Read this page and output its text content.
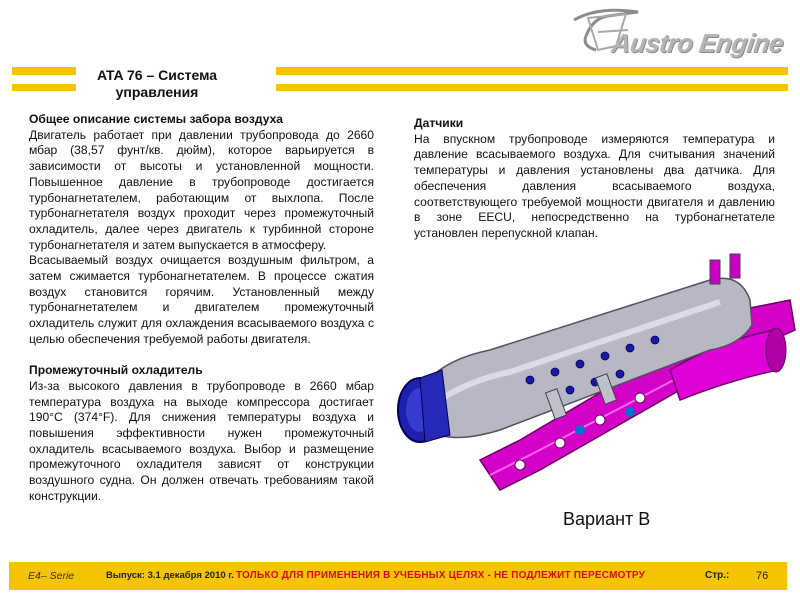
Austro Engine
ATA 76 – Система управления

Общее описание системы забора воздуха

Двигатель работает при давлении трубопровода до 2660 мбар (38,57 фунт/кв. дюйм), которое варьируется в зависимости от высоты и установленной мощности. Повышенное давление в трубопроводе достигается турбонагнетателем, работающим от выхлопа. После турбонагнетателя воздух проходит через промежуточный охладитель, далее через двигатель к турбинной стороне турбонагнетателя и затем выпускается в атмосферу.

Всасываемый воздух очищается воздушным фильтром, а затем сжимается турбонагнетателем. В процессе сжатия воздух становится горячим. Установленный между турбонагнетателем и двигателем промежуточный охладитель служит для охлаждения всасываемого воздуха с целью обеспечения требуемой работы двигателя.

Промежуточный охладитель

Из-за высокого давления в трубопроводе в 2660 мбар температура воздуха на выходе компрессора достигает 190°C (374°F). Для снижения температуры воздуха и повышения эффективности нужен промежуточный охладитель всасываемого воздуха. Выбор и размещение промежуточного охладителя зависят от конструкции воздушного судна. Он должен отвечать требованиям такой конструкции.

Датчики

На впускном трубопроводе измеряются температура и давление всасываемого воздуха. Для считывания значений температуры и давления установлены два датчика. Для обеспечения давления всасываемого воздуха, соответствующего требуемой мощности двигателя и давлению в зоне EECU, непосредственно на турбонагнетателе установлен перепускной клапан.

Вариант B
E4– Serie	Выпуск: 3.1 декабря 2010 г. ТОЛЬКО ДЛЯ ПРИМЕНЕНИЯ В УЧЕБНЫХ ЦЕЛЯХ - НЕ ПОДЛЕЖИТ ПЕРЕСМОТРУ	Стр.: 76
